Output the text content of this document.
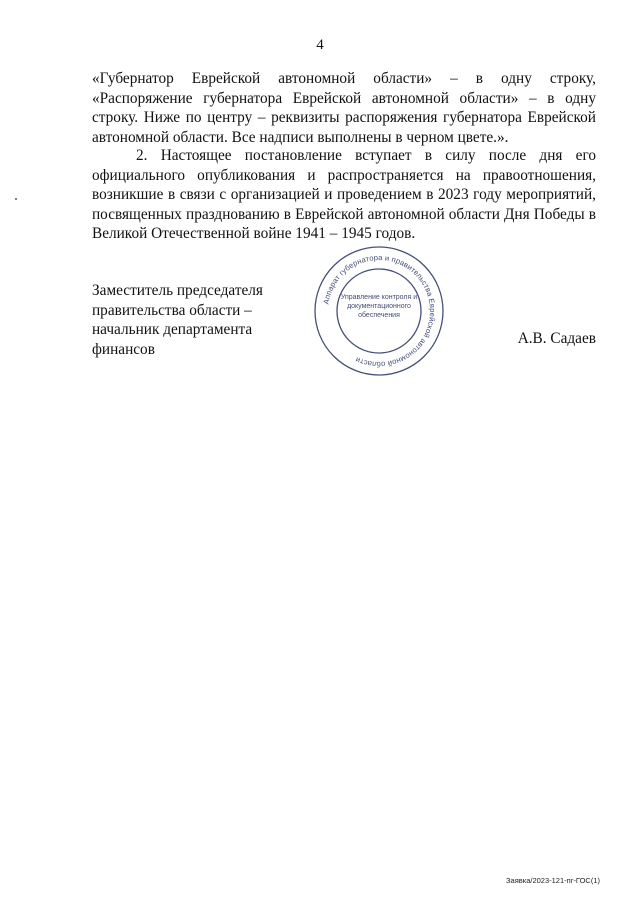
4

«Губернатор Еврейской автономной области» – в одну строку, «Распоряжение губернатора Еврейской автономной области» – в одну строку. Ниже по центру – реквизиты распоряжения губернатора Еврейской автономной области. Все надписи выполнены в черном цвете.».

2. Настоящее постановление вступает в силу после дня его официального опубликования и распространяется на правоотношения, возникшие в связи с организацией и проведением в 2023 году мероприятий, посвященных празднованию в Еврейской автономной области Дня Победы в Великой Отечественной войне 1941 – 1945 годов.

Заместитель председателя
правительства области –
начальник департамента
финансов
Аппарат губернатора и правительства Еврейской автономной области
Управление контроля и
документационного
обеспечения
А.В. Садаев
Заявка/2023-121-пг-ГОС(1)
